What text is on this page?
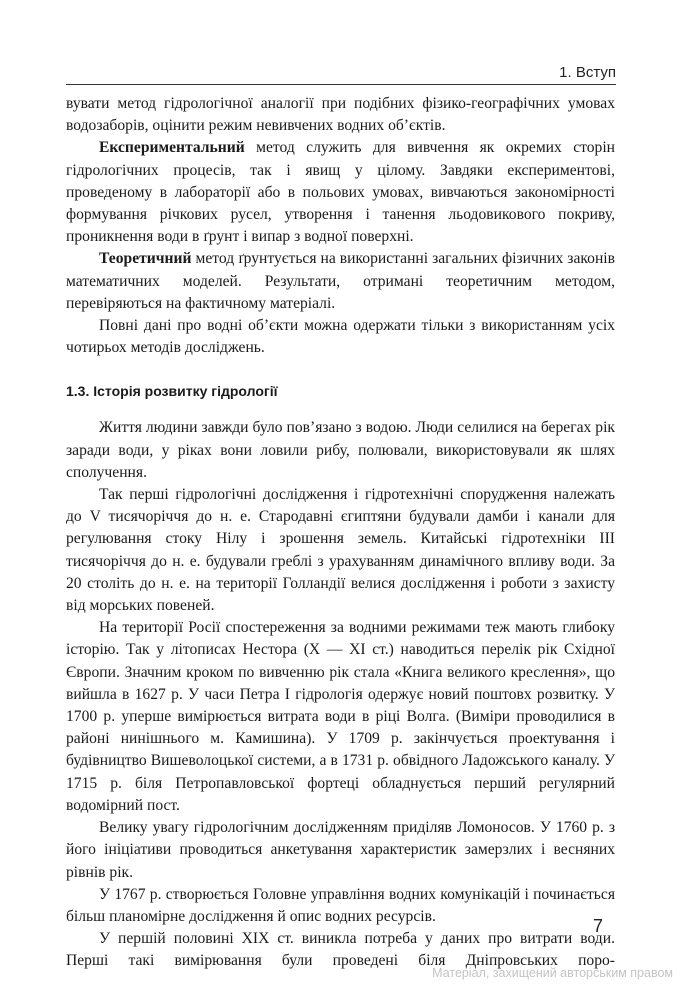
1. Вступ

вувати метод гідрологічної аналогії при подібних фізико-географічних умовах водозаборів, оцінити режим невивчених водних об’єктів.

Експериментальний метод служить для вивчення як окремих сторін гідрологічних процесів, так і явищ у цілому. Завдяки експериментові, проведеному в лабораторії або в польових умовах, вивчаються закономірності формування річкових русел, утворення і танення льодовикового покриву, проникнення води в ґрунт і випар з водної поверхні.

Теоретичний метод ґрунтується на використанні загальних фізичних законів математичних моделей. Результати, отримані теоретичним методом, перевіряються на фактичному матеріалі.

Повні дані про водні об’єкти можна одержати тільки з використанням усіх чотирьох методів досліджень.

1.3. Історія розвитку гідрології

Життя людини завжди було пов’язано з водою. Люди селилися на берегах рік заради води, у ріках вони ловили рибу, полювали, використовували як шлях сполучення.

Так перші гідрологічні дослідження і гідротехнічні спорудження належать до V тисячоріччя до н. е. Стародавні єгиптяни будували дамби і канали для регулювання стоку Нілу і зрошення земель. Китайські гідротехніки ІІІ тисячоріччя до н. е. будували греблі з урахуванням динамічного впливу води. За 20 століть до н. е. на території Голландії велися дослідження і роботи з захисту від морських повеней.

На території Росії спостереження за водними режимами теж мають глибоку історію. Так у літописах Нестора (Х — ХІ ст.) наводиться перелік рік Східної Європи. Значним кроком по вивченню рік стала «Книга великого креслення», що вийшла в 1627 р. У часи Петра І гідрологія одержує новий поштовх розвитку. У 1700 р. уперше вимірюється витрата води в ріці Волга. (Виміри проводилися в районі нинішнього м. Камишина). У 1709 р. закінчується проектування і будівництво Вишеволоцької системи, а в 1731 р. обвідного Ладожського каналу. У 1715 р. біля Петропавловської фортеці обладнується перший регулярний водомірний пост.

Велику увагу гідрологічним дослідженням приділяв Ломоносов. У 1760 р. з його ініціативи проводиться анкетування характеристик замерзлих і весняних рівнів рік.

У 1767 р. створюється Головне управління водних комунікацій і починається більш планомірне дослідження й опис водних ресурсів.

У першій половині XIX ст. виникла потреба у даних про витрати води. Перші такі вимірювання були проведені біля Дніпровських поро-

7
Матеріал, захищений авторським правом
